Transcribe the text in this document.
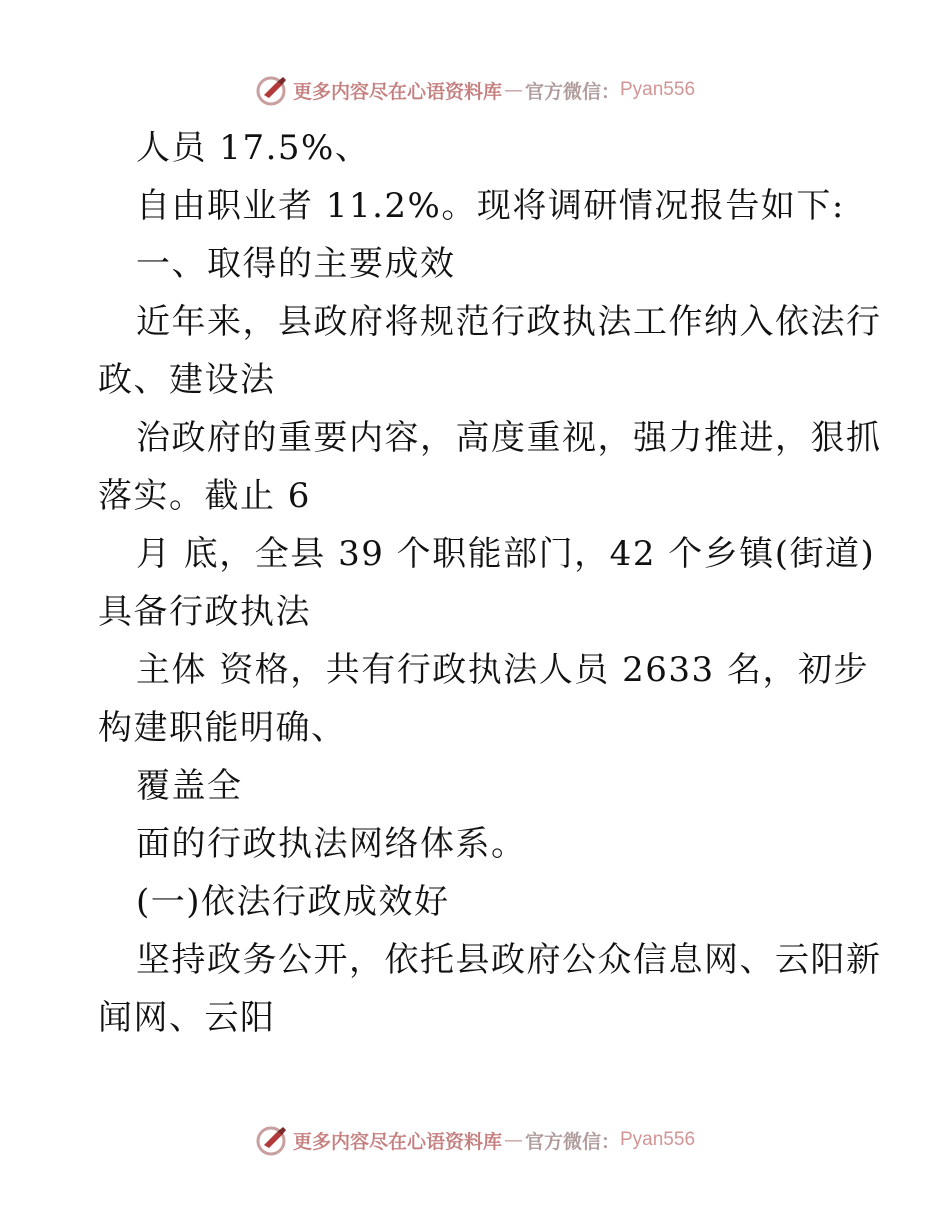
更多内容尽在心语资料库 — 官方微信： Pyan556
人员 17.5%、
自由职业者 11.2%。现将调研情况报告如下:
一、取得的主要成效
近年来，县政府将规范行政执法工作纳入依法行
政、建设法
治政府的重要内容，高度重视，强力推进，狠抓
落实。截止 6
月 底，全县 39 个职能部门，42 个乡镇(街道)
具备行政执法
主体 资格，共有行政执法人员 2633 名，初步
构建职能明确、
覆盖全
面的行政执法网络体系。
(一)依法行政成效好
坚持政务公开，依托县政府公众信息网、云阳新
闻网、云阳
更多内容尽在心语资料库 — 官方微信： Pyan556
